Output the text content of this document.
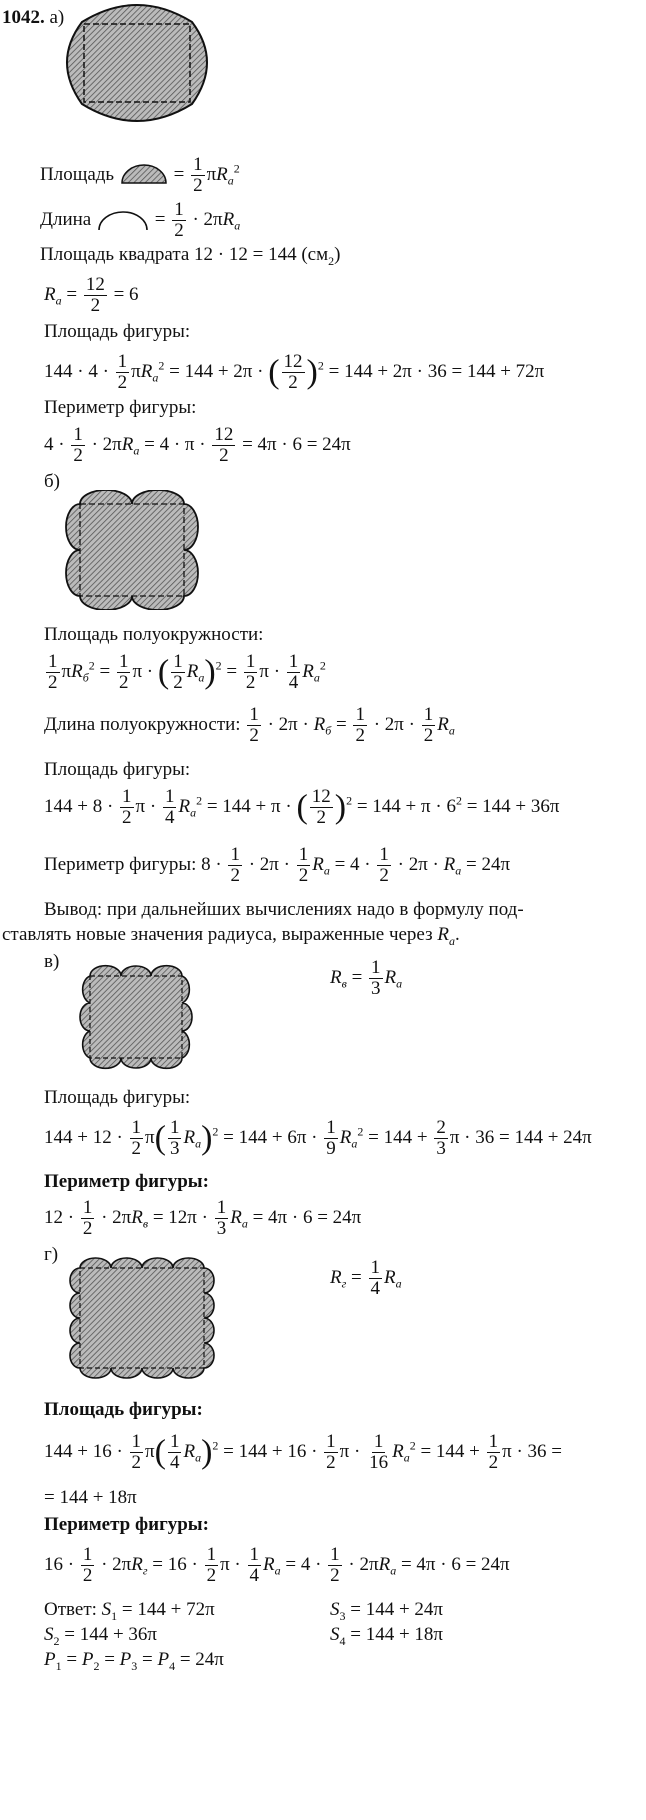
1042. а)
Площадь	= $\frac{1}{2} \pi R_a^2$
Длина	= $\frac{1}{2} \cdot 2\pi R_a$
Площадь квадрата 12 · 12 = 144 $(см_2)$
$R_a = \frac{12}{2} = 6$
Площадь фигуры:
$144 \cdot 4 \cdot \frac{1}{2} \pi R_a^2 = 144 + 2\pi$ · ( $\frac{12}{2} )^2 = 144 + 2\pi \cdot 36 = 144 + 72\pi$
Периметр фигуры:
$4 \cdot \frac{1}{2} \cdot 2\pi R_a = 4 \cdot \pi \cdot \frac{12}{2} = 4\pi \cdot 6 = 24\pi$
б)
Площадь полуокружности:
$\frac{1}{2} \pi R_б^2 = \frac{1}{2}$ π · ( $\frac{1}{2} R_a)^2 = \frac{1}{2}$ $\pi \cdot \frac{1}{4} R_a^2$
Длина полуокружности: $\frac{1}{2} \cdot 2\pi \cdot R_б = \frac{1}{2} \cdot 2\pi \cdot \frac{1}{2} R_a$
Площадь фигуры:
$144 + 8 \cdot \frac{1}{2}$ $\pi \cdot \frac{1}{4} R_a^2 = 144 + \pi$ · ( $\frac{12}{2} )^2 = 144 + \pi \cdot 6^2 = 144 + 36\pi$
Периметр фигуры: $8 \cdot \frac{1}{2} \cdot 2\pi \cdot \frac{1}{2} R_a = 4 \cdot \frac{1}{2} \cdot 2\pi \cdot R_a = 24\pi$
Вывод: при дальнейших вычислениях надо в формулу под-
ставлять новые значения радиуса, выраженные через $R_a$.
в)
$R_в = \frac{1}{3} R_a$
Площадь фигуры:
$144 + 12 \cdot \frac{1}{2} \pi( \frac{1}{3} R_a)^2 = 144 + 6\pi \cdot \frac{1}{9} R_a^2 = 144 + \frac{2}{3}$ π · 36 = 144 + 24π
Периметр фигуры:
$12 \cdot \frac{1}{2} \cdot 2\pi R_в = 12\pi \cdot \frac{1}{3} R_a = 4\pi \cdot 6 = 24\pi$
г)
$R_г = \frac{1}{4} R_a$
Площадь фигуры:
$144 + 16 \cdot \frac{1}{2} \pi( \frac{1}{4} R_a)^2 = 144 + 16 \cdot \frac{1}{2}$ $\pi \cdot \frac{1}{16} R_a^2 = 144 + \frac{1}{2}$ π · 36 =
= 144 + 18π
Периметр фигуры:
$16 \cdot \frac{1}{2} \cdot 2\pi R_г = 16 \cdot \frac{1}{2}$ $\pi \cdot \frac{1}{4} R_a = 4 \cdot \frac{1}{2} \cdot 2\pi R_a = 4\pi \cdot 6 = 24\pi$
Ответ: $S_1 = 144 + 72\pi$	$S_3 = 144 + 24\pi$
$S_2 = 144 + 36\pi$	$S_4 = 144 + 18\pi$
$P_1 = P_2 = P_3 = P_4 = 24\pi$
